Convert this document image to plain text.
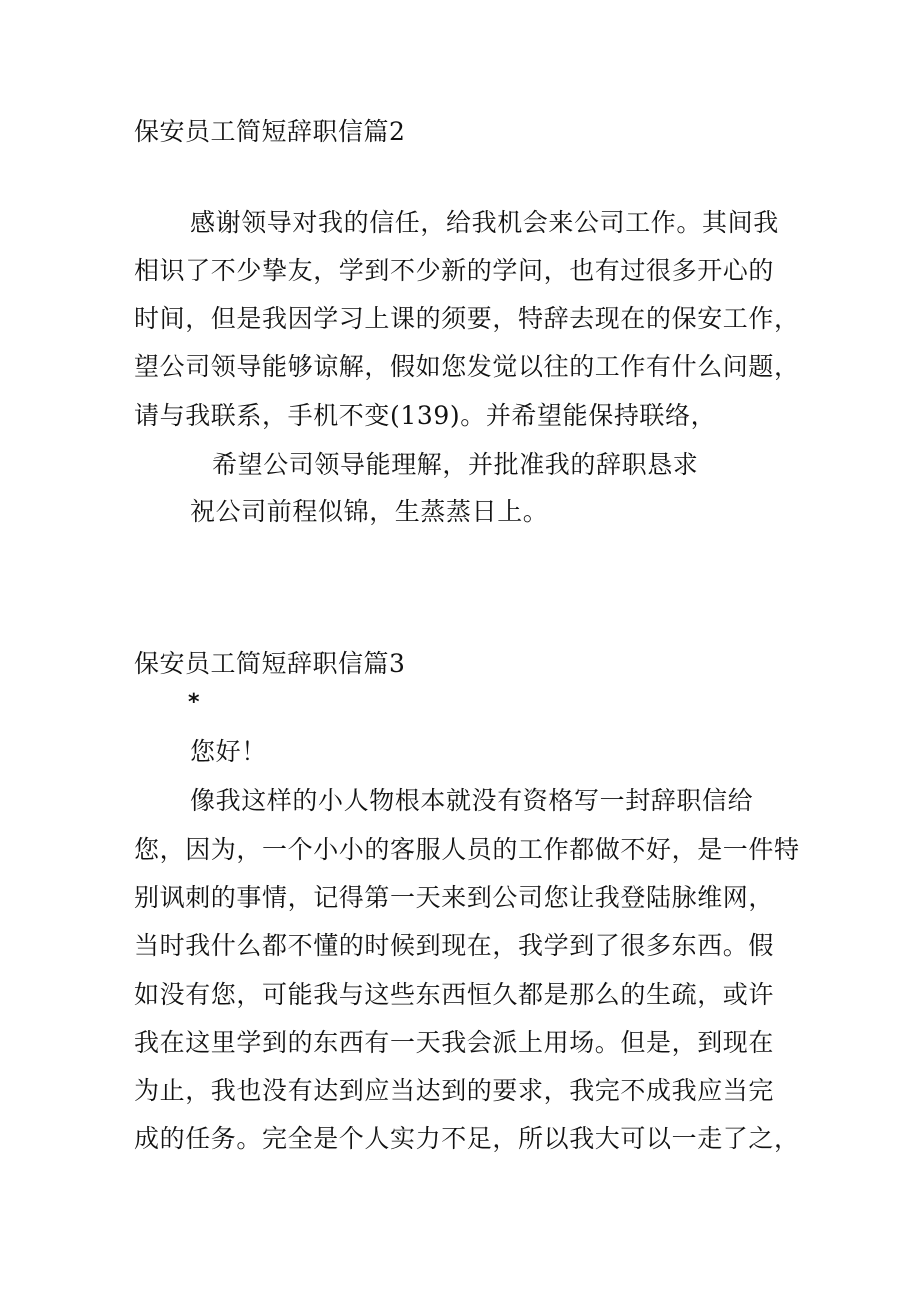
保安员工简短辞职信篇2
感谢领导对我的信任，给我机会来公司工作。其间我
相识了不少挚友，学到不少新的学问，也有过很多开心的
时间，但是我因学习上课的须要，特辞去现在的保安工作，
望公司领导能够谅解，假如您发觉以往的工作有什么问题，
请与我联系，手机不变(139)。并希望能保持联络，
希望公司领导能理解，并批准我的辞职恳求
祝公司前程似锦，生蒸蒸日上。
保安员工简短辞职信篇3
*
您好！
像我这样的小人物根本就没有资格写一封辞职信给
您，因为，一个小小的客服人员的工作都做不好，是一件特
别讽刺的事情，记得第一天来到公司您让我登陆脉维网，
当时我什么都不懂的时候到现在，我学到了很多东西。假
如没有您，可能我与这些东西恒久都是那么的生疏，或许
我在这里学到的东西有一天我会派上用场。但是，到现在
为止，我也没有达到应当达到的要求，我完不成我应当完
成的任务。完全是个人实力不足，所以我大可以一走了之，
